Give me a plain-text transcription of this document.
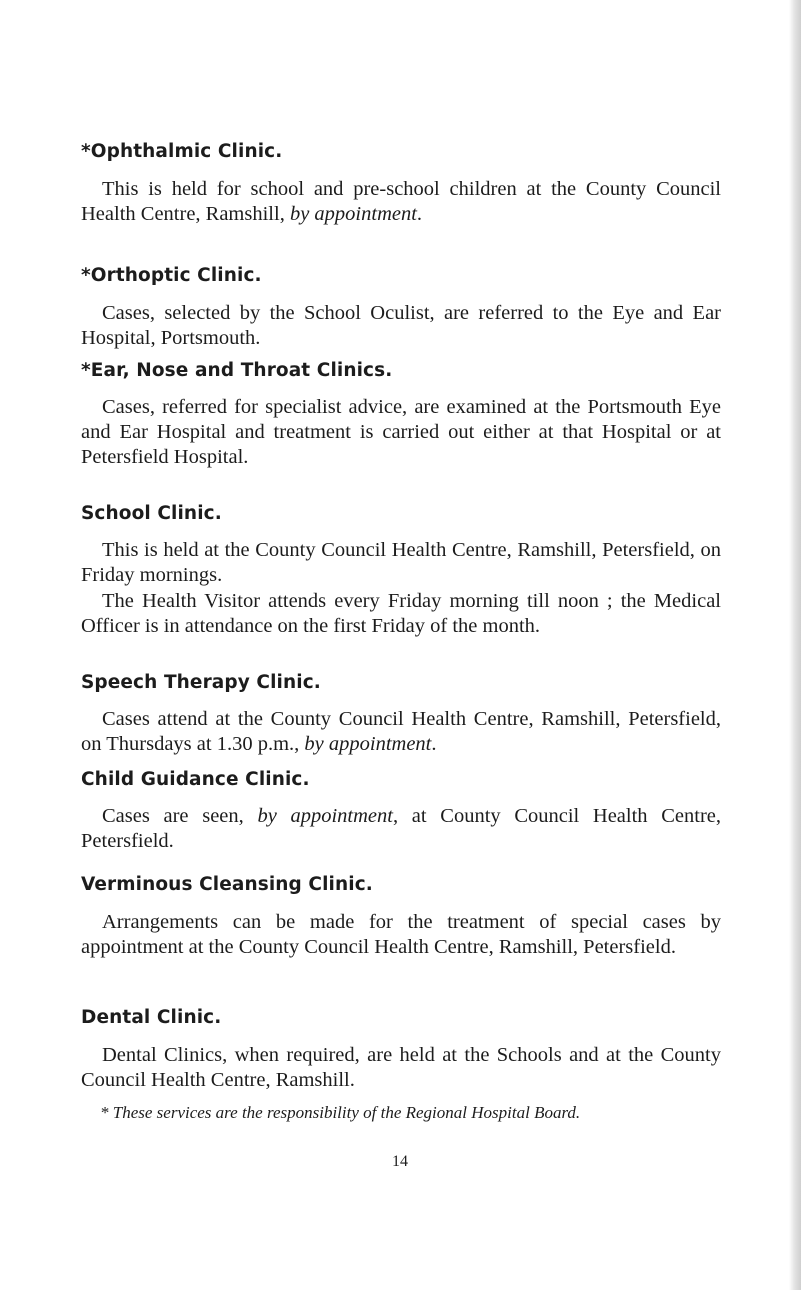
*Ophthalmic Clinic.

This is held for school and pre-school children at the County Council Health Centre, Ramshill, by appointment.

*Orthoptic Clinic.

Cases, selected by the School Oculist, are referred to the Eye and Ear Hospital, Portsmouth.

*Ear, Nose and Throat Clinics.

Cases, referred for specialist advice, are examined at the Portsmouth Eye and Ear Hospital and treatment is carried out either at that Hospital or at Petersfield Hospital.

School Clinic.

This is held at the County Council Health Centre, Ramshill, Petersfield, on Friday mornings.

The Health Visitor attends every Friday morning till noon ; the Medical Officer is in attendance on the first Friday of the month.

Speech Therapy Clinic.

Cases attend at the County Council Health Centre, Ramshill, Petersfield, on Thursdays at 1.30 p.m., by appointment.

Child Guidance Clinic.

Cases are seen, by appointment, at County Council Health Centre, Petersfield.

Verminous Cleansing Clinic.

Arrangements can be made for the treatment of special cases by appointment at the County Council Health Centre, Ramshill, Petersfield.

Dental Clinic.

Dental Clinics, when required, are held at the Schools and at the County Council Health Centre, Ramshill.

* These services are the responsibility of the Regional Hospital Board.

14
